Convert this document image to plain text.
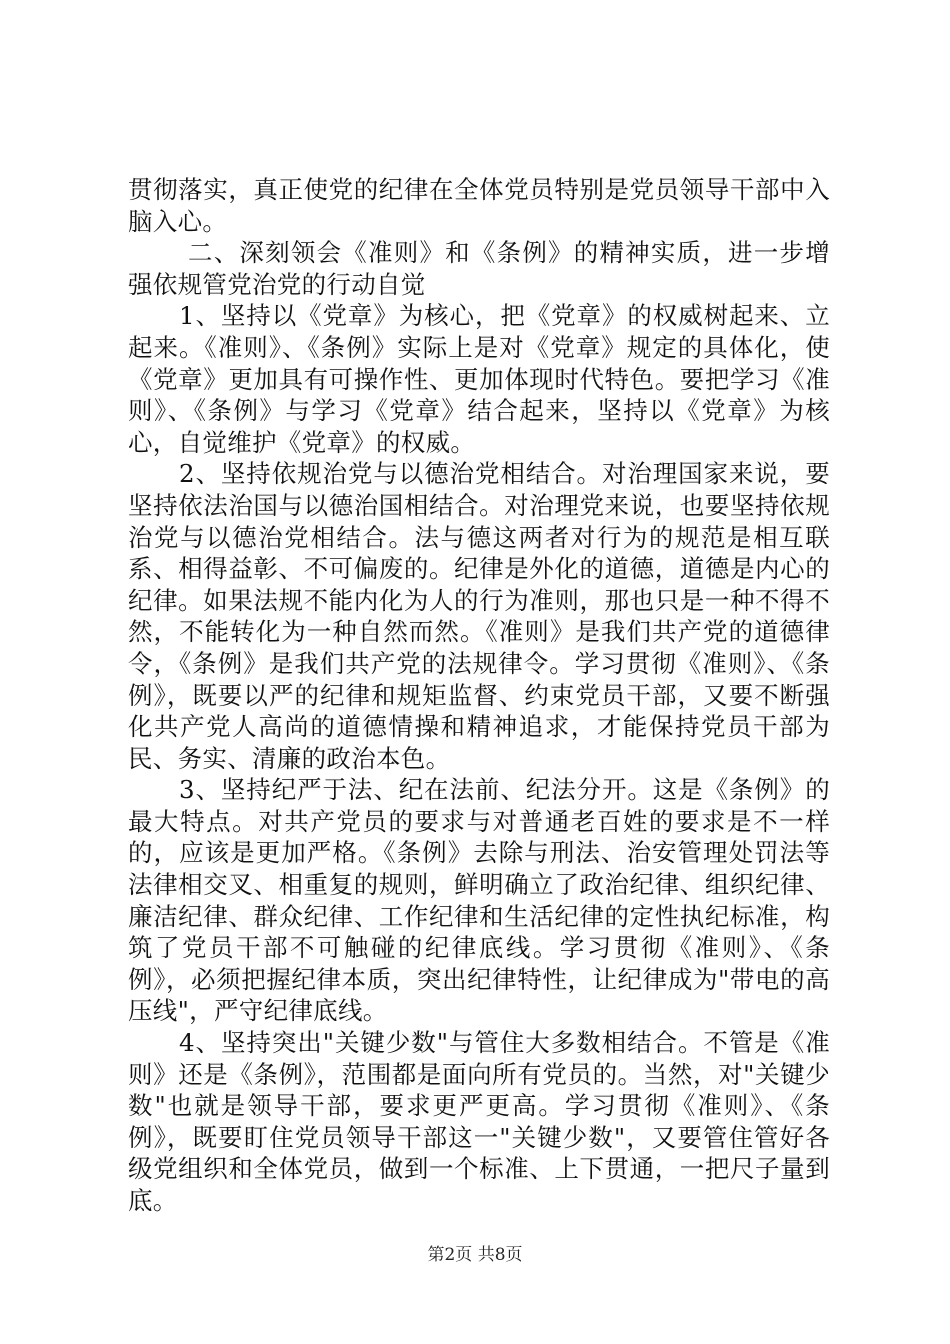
贯彻落实，真正使党的纪律在全体党员特别是党员领导干部中入脑入心。

二、深刻领会《准则》和《条例》的精神实质，进一步增强依规管党治党的行动自觉

1、坚持以《党章》为核心，把《党章》的权威树起来、立起来。《准则》、《条例》实际上是对《党章》规定的具体化，使《党章》更加具有可操作性、更加体现时代特色。要把学习《准则》、《条例》与学习《党章》结合起来，坚持以《党章》为核心，自觉维护《党章》的权威。

2、坚持依规治党与以德治党相结合。对治理国家来说，要坚持依法治国与以德治国相结合。对治理党来说，也要坚持依规治党与以德治党相结合。法与德这两者对行为的规范是相互联系、相得益彰、不可偏废的。纪律是外化的道德，道德是内心的纪律。如果法规不能内化为人的行为准则，那也只是一种不得不然，不能转化为一种自然而然。《准则》是我们共产党的道德律令，《条例》是我们共产党的法规律令。学习贯彻《准则》、《条例》，既要以严的纪律和规矩监督、约束党员干部，又要不断强化共产党人高尚的道德情操和精神追求，才能保持党员干部为民、务实、清廉的政治本色。

3、坚持纪严于法、纪在法前、纪法分开。这是《条例》的最大特点。对共产党员的要求与对普通老百姓的要求是不一样的，应该是更加严格。《条例》去除与刑法、治安管理处罚法等法律相交叉、相重复的规则，鲜明确立了政治纪律、组织纪律、廉洁纪律、群众纪律、工作纪律和生活纪律的定性执纪标准，构筑了党员干部不可触碰的纪律底线。学习贯彻《准则》、《条例》，必须把握纪律本质，突出纪律特性，让纪律成为"带电的高压线"，严守纪律底线。

4、坚持突出"关键少数"与管住大多数相结合。不管是《准则》还是《条例》，范围都是面向所有党员的。当然，对"关键少数"也就是领导干部，要求更严更高。学习贯彻《准则》、《条例》，既要盯住党员领导干部这一"关键少数"，又要管住管好各级党组织和全体党员，做到一个标准、上下贯通，一把尺子量到底。

第2页 共8页
